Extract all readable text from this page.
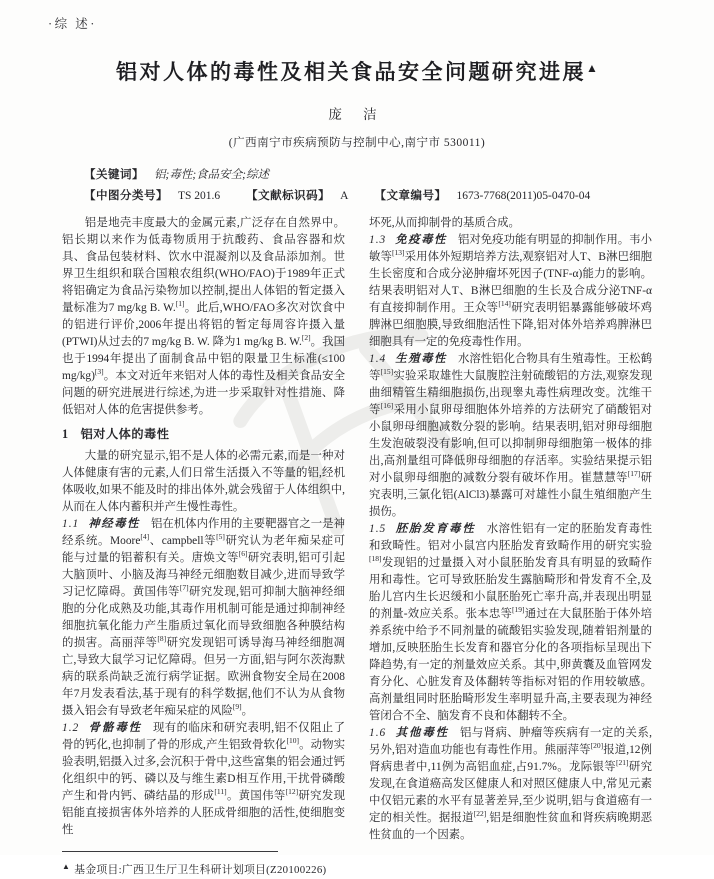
·综 述·
铝对人体的毒性及相关食品安全问题研究进展▲
庞 洁
(广西南宁市疾病预防与控制中心,南宁市 530011)
【关键词】 铝;毒性;食品安全;综述
【中图分类号】 TS 201.6 【文献标识码】 A 【文章编号】 1673-7768(2011)05-0470-04

铝是地壳丰度最大的金属元素,广泛存在自然界中。铝长期以来作为低毒物质用于抗酸药、食品容器和炊具、食品包装材料、饮水中混凝剂以及食品添加剂。世界卫生组织和联合国粮农组织(WHO/FAO)于1989年正式将铝确定为食品污染物加以控制,提出人体铝的暂定摄入量标准为7 mg/kg B. W.[1]。此后,WHO/FAO多次对饮食中的铝进行评价,2006年提出将铝的暂定每周容许摄入量(PTWI)从过去的7 mg/kg B. W. 降为1 mg/kg B. W.[2]。我国也于1994年提出了面制食品中铝的限量卫生标准(≤100 mg/kg)[3]。本文对近年来铝对人体的毒性及相关食品安全问题的研究进展进行综述,为进一步采取针对性措施、降低铝对人体的危害提供参考。

1 铝对人体的毒性

大量的研究显示,铝不是人体的必需元素,而是一种对人体健康有害的元素,人们日常生活摄入不等量的铝,经机体吸收,如果不能及时的排出体外,就会残留于人体组织中,从而在人体内蓄积并产生慢性毒性。

1.1 神经毒性 铝在机体内作用的主要靶器官之一是神经系统。Moore[4]、campbell等[5]研究认为老年痴呆症可能与过量的铝蓄积有关。唐焕文等[6]研究表明,铝可引起大脑顶叶、小脑及海马神经元细胞数目减少,进而导致学习记忆障碍。黄国伟等[7]研究发现,铝可抑制大脑神经细胞的分化成熟及功能,其毒作用机制可能是通过抑制神经细胞抗氧化能力产生脂质过氧化而导致细胞各种膜结构的损害。高丽萍等[8]研究发现铝可诱导海马神经细胞凋亡,导致大鼠学习记忆障碍。但另一方面,铝与阿尔茨海默病的联系尚缺乏流行病学证据。欧洲食物安全局在2008年7月发表看法,基于现有的科学数据,他们不认为从食物摄入铝会有导致老年痴呆症的风险[9]。

1.2 骨骼毒性 现有的临床和研究表明,铝不仅阻止了骨的钙化,也抑制了骨的形成,产生铝致骨软化[10]。动物实验表明,铝摄入过多,会沉积于骨中,这些富集的铝会通过钙化组织中的钙、磷以及与维生素D相互作用,干扰骨磷酸产生和骨内钙、磷结晶的形成[11]。黄国伟等[12]研究发现铝能直接损害体外培养的人胚成骨细胞的活性,使细胞变性

▲ 基金项目:广西卫生厅卫生科研计划项目(Z20100226)

坏死,从而抑制骨的基质合成。

1.3 免疫毒性 铝对免疫功能有明显的抑制作用。韦小敏等[13]采用体外短期培养方法,观察铝对人T、B淋巴细胞生长密度和合成分泌肿瘤坏死因子(TNF-α)能力的影响。结果表明铝对人T、B淋巴细胞的生长及合成分泌TNF-α有直接抑制作用。王众等[14]研究表明铝暴露能够破坏鸡脾淋巴细胞膜,导致细胞活性下降,铝对体外培养鸡脾淋巴细胞具有一定的免疫毒性作用。

1.4 生殖毒性 水溶性铝化合物具有生殖毒性。王松鹤等[15]实验采取雄性大鼠腹腔注射硫酸铝的方法,观察发现曲细精管生精细胞损伤,出现睾丸毒性病理改变。沈维干等[16]采用小鼠卵母细胞体外培养的方法研究了硝酸铝对小鼠卵母细胞减数分裂的影响。结果表明,铝对卵母细胞生发泡破裂没有影响,但可以抑制卵母细胞第一极体的排出,高剂量组可降低卵母细胞的存活率。实验结果提示铝对小鼠卵母细胞的减数分裂有破坏作用。崔慧慧等[17]研究表明,三氯化铝(AlCl3)暴露可对雄性小鼠生殖细胞产生损伤。

1.5 胚胎发育毒性 水溶性铝有一定的胚胎发育毒性和致畸性。铝对小鼠宫内胚胎发育致畸作用的研究实验[18]发现铝的过量摄入对小鼠胚胎发育具有明显的致畸作用和毒性。它可导致胚胎发生露脑畸形和骨发育不全,及胎儿宫内生长迟缓和小鼠胚胎死亡率升高,并表现出明显的剂量-效应关系。张本忠等[19]通过在大鼠胚胎于体外培养系统中给予不同剂量的硫酸铝实验发现,随着铝剂量的增加,反映胚胎生长发育和器官分化的各项指标呈现出下降趋势,有一定的剂量效应关系。其中,卵黄囊及血管网发育分化、心脏发育及体翻转等指标对铝的作用较敏感。高剂量组同时胚胎畸形发生率明显升高,主要表现为神经管闭合不全、脑发育不良和体翻转不全。

1.6 其他毒性 铝与肾病、肿瘤等疾病有一定的关系,另外,铝对造血功能也有毒性作用。熊丽萍等[20]报道,12例肾病患者中,11例为高铝血症,占91.7%。龙际银等[21]研究发现,在食道癌高发区健康人和对照区健康人中,常见元素中仅铝元素的水平有显著差异,至少说明,铝与食道癌有一定的相关性。据报道[22],铝是细胞性贫血和肾疾病晚期恶性贫血的一个因素。
